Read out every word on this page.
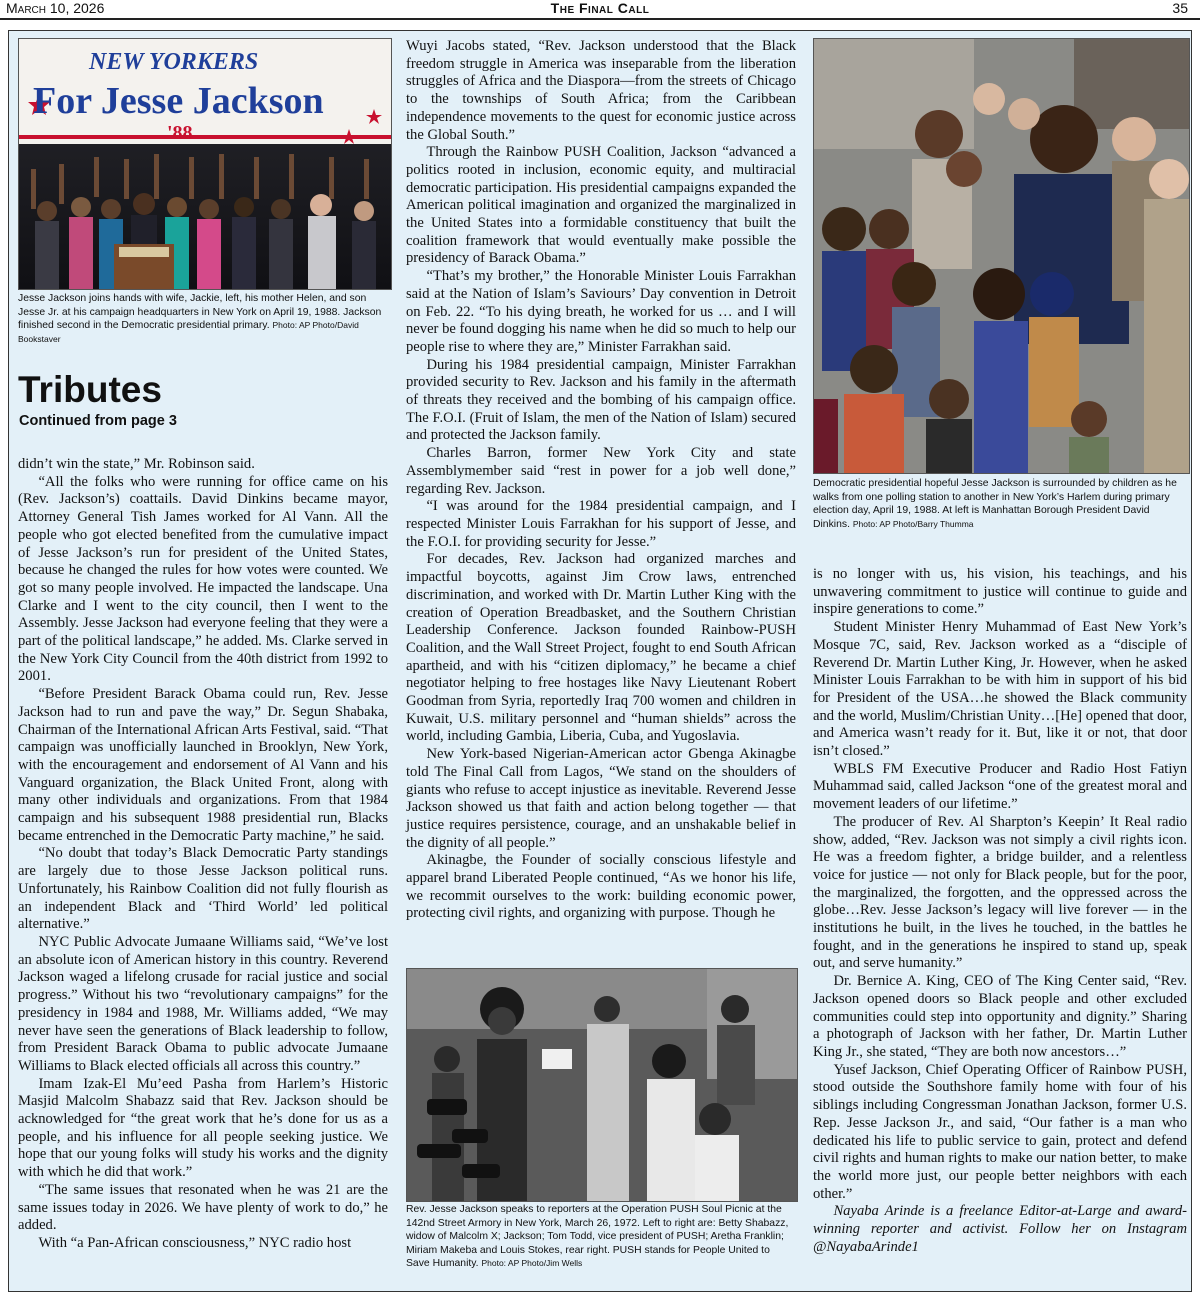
March 10, 2026	The Final Call	35
NEW YORKERS
For Jesse Jackson
'88
Jesse Jackson joins hands with wife, Jackie, left, his mother Helen, and son Jesse Jr. at his campaign headquarters in New York on April 19, 1988. Jackson finished second in the Democratic presidential primary. Photo: AP Photo/David Bookstaver
Tributes
Continued from page 3

didn’t win the state,” Mr. Robinson said.

“All the folks who were running for office came on his (Rev. Jackson’s) coattails. David Dinkins became mayor, Attorney General Tish James worked for Al Vann. All the people who got elected benefited from the cumulative impact of Jesse Jackson’s run for president of the United States, because he changed the rules for how votes were counted. We got so many people involved. He impacted the landscape. Una Clarke and I went to the city council, then I went to the Assembly. Jesse Jackson had everyone feeling that they were a part of the political landscape,” he added. Ms. Clarke served in the New York City Council from the 40th district from 1992 to 2001.

“Before President Barack Obama could run, Rev. Jesse Jackson had to run and pave the way,” Dr. Segun Shabaka, Chairman of the International African Arts Festival, said. “That campaign was unofficially launched in Brooklyn, New York, with the encouragement and endorsement of Al Vann and his Vanguard organization, the Black United Front, along with many other individuals and organizations. From that 1984 campaign and his subsequent 1988 presidential run, Blacks became entrenched in the Democratic Party machine,” he said.

“No doubt that today’s Black Democratic Party standings are largely due to those Jesse Jackson political runs. Unfortunately, his Rainbow Coalition did not fully flourish as an independent Black and ‘Third World’ led political alternative.”

NYC Public Advocate Jumaane Williams said, “We’ve lost an absolute icon of American history in this country. Reverend Jackson waged a lifelong crusade for racial justice and social progress.” Without his two “revolutionary campaigns” for the presidency in 1984 and 1988, Mr. Williams added, “We may never have seen the generations of Black leadership to follow, from President Barack Obama to public advocate Jumaane Williams to Black elected officials all across this country.”

Imam Izak-El Mu’eed Pasha from Harlem’s Historic Masjid Malcolm Shabazz said that Rev. Jackson should be acknowledged for “the great work that he’s done for us as a people, and his influence for all people seeking justice. We hope that our young folks will study his works and the dignity with which he did that work.”

“The same issues that resonated when he was 21 are the same issues today in 2026. We have plenty of work to do,” he added.

With “a Pan-African consciousness,” NYC radio host

Wuyi Jacobs stated, “Rev. Jackson understood that the Black freedom struggle in America was inseparable from the liberation struggles of Africa and the Diaspora—from the streets of Chicago to the townships of South Africa; from the Caribbean independence movements to the quest for economic justice across the Global South.”

Through the Rainbow PUSH Coalition, Jackson “advanced a politics rooted in inclusion, economic equity, and multiracial democratic participation. His presidential campaigns expanded the American political imagination and organized the marginalized in the United States into a formidable constituency that built the coalition framework that would eventually make possible the presidency of Barack Obama.”

“That’s my brother,” the Honorable Minister Louis Farrakhan said at the Nation of Islam’s Saviours’ Day convention in Detroit on Feb. 22. “To his dying breath, he worked for us … and I will never be found dogging his name when he did so much to help our people rise to where they are,” Minister Farrakhan said.

During his 1984 presidential campaign, Minister Farrakhan provided security to Rev. Jackson and his family in the aftermath of threats they received and the bombing of his campaign office. The F.O.I. (Fruit of Islam, the men of the Nation of Islam) secured and protected the Jackson family.

Charles Barron, former New York City and state Assemblymember said “rest in power for a job well done,” regarding Rev. Jackson.

“I was around for the 1984 presidential campaign, and I respected Minister Louis Farrakhan for his support of Jesse, and the F.O.I. for providing security for Jesse.”

For decades, Rev. Jackson had organized marches and impactful boycotts, against Jim Crow laws, entrenched discrimination, and worked with Dr. Martin Luther King with the creation of Operation Breadbasket, and the Southern Christian Leadership Conference. Jackson founded Rainbow-PUSH Coalition, and the Wall Street Project, fought to end South African apartheid, and with his “citizen diplomacy,” he became a chief negotiator helping to free hostages like Navy Lieutenant Robert Goodman from Syria, reportedly Iraq 700 women and children in Kuwait, U.S. military personnel and “human shields” across the world, including Gambia, Liberia, Cuba, and Yugoslavia.

New York-based Nigerian-American actor Gbenga Akinagbe told The Final Call from Lagos, “We stand on the shoulders of giants who refuse to accept injustice as inevitable. Reverend Jesse Jackson showed us that faith and action belong together — that justice requires persistence, courage, and an unshakable belief in the dignity of all people.”

Akinagbe, the Founder of socially conscious lifestyle and apparel brand Liberated People continued, “As we honor his life, we recommit ourselves to the work: building economic power, protecting civil rights, and organizing with purpose. Though he

Rev. Jesse Jackson speaks to reporters at the Operation PUSH Soul Picnic at the 142nd Street Armory in New York, March 26, 1972. Left to right are: Betty Shabazz, widow of Malcolm X; Jackson; Tom Todd, vice president of PUSH; Aretha Franklin; Miriam Makeba and Louis Stokes, rear right. PUSH stands for People United to Save Humanity. Photo: AP Photo/Jim Wells
Democratic presidential hopeful Jesse Jackson is surrounded by children as he walks from one polling station to another in New York’s Harlem during primary election day, April 19, 1988. At left is Manhattan Borough President David Dinkins. Photo: AP Photo/Barry Thumma

is no longer with us, his vision, his teachings, and his unwavering commitment to justice will continue to guide and inspire generations to come.”

Student Minister Henry Muhammad of East New York’s Mosque 7C, said, Rev. Jackson worked as a “disciple of Reverend Dr. Martin Luther King, Jr. However, when he asked Minister Louis Farrakhan to be with him in support of his bid for President of the USA…he showed the Black community and the world, Muslim/Christian Unity…[He] opened that door, and America wasn’t ready for it. But, like it or not, that door isn’t closed.”

WBLS FM Executive Producer and Radio Host Fatiyn Muhammad said, called Jackson “one of the greatest moral and movement leaders of our lifetime.”

The producer of Rev. Al Sharpton’s Keepin’ It Real radio show, added, “Rev. Jackson was not simply a civil rights icon. He was a freedom fighter, a bridge builder, and a relentless voice for justice — not only for Black people, but for the poor, the marginalized, the forgotten, and the oppressed across the globe…Rev. Jesse Jackson’s legacy will live forever — in the institutions he built, in the lives he touched, in the battles he fought, and in the generations he inspired to stand up, speak out, and serve humanity.”

Dr. Bernice A. King, CEO of The King Center said, “Rev. Jackson opened doors so Black people and other excluded communities could step into opportunity and dignity.” Sharing a photograph of Jackson with her father, Dr. Martin Luther King Jr., she stated, “They are both now ancestors…”

Yusef Jackson, Chief Operating Officer of Rainbow PUSH, stood outside the Southshore family home with four of his siblings including Congressman Jonathan Jackson, former U.S. Rep. Jesse Jackson Jr., and said, “Our father is a man who dedicated his life to public service to gain, protect and defend civil rights and human rights to make our nation better, to make the world more just, our people better neighbors with each other.”

Nayaba Arinde is a freelance Editor-at-Large and award-winning reporter and activist. Follow her on Instagram @NayabaArinde1
